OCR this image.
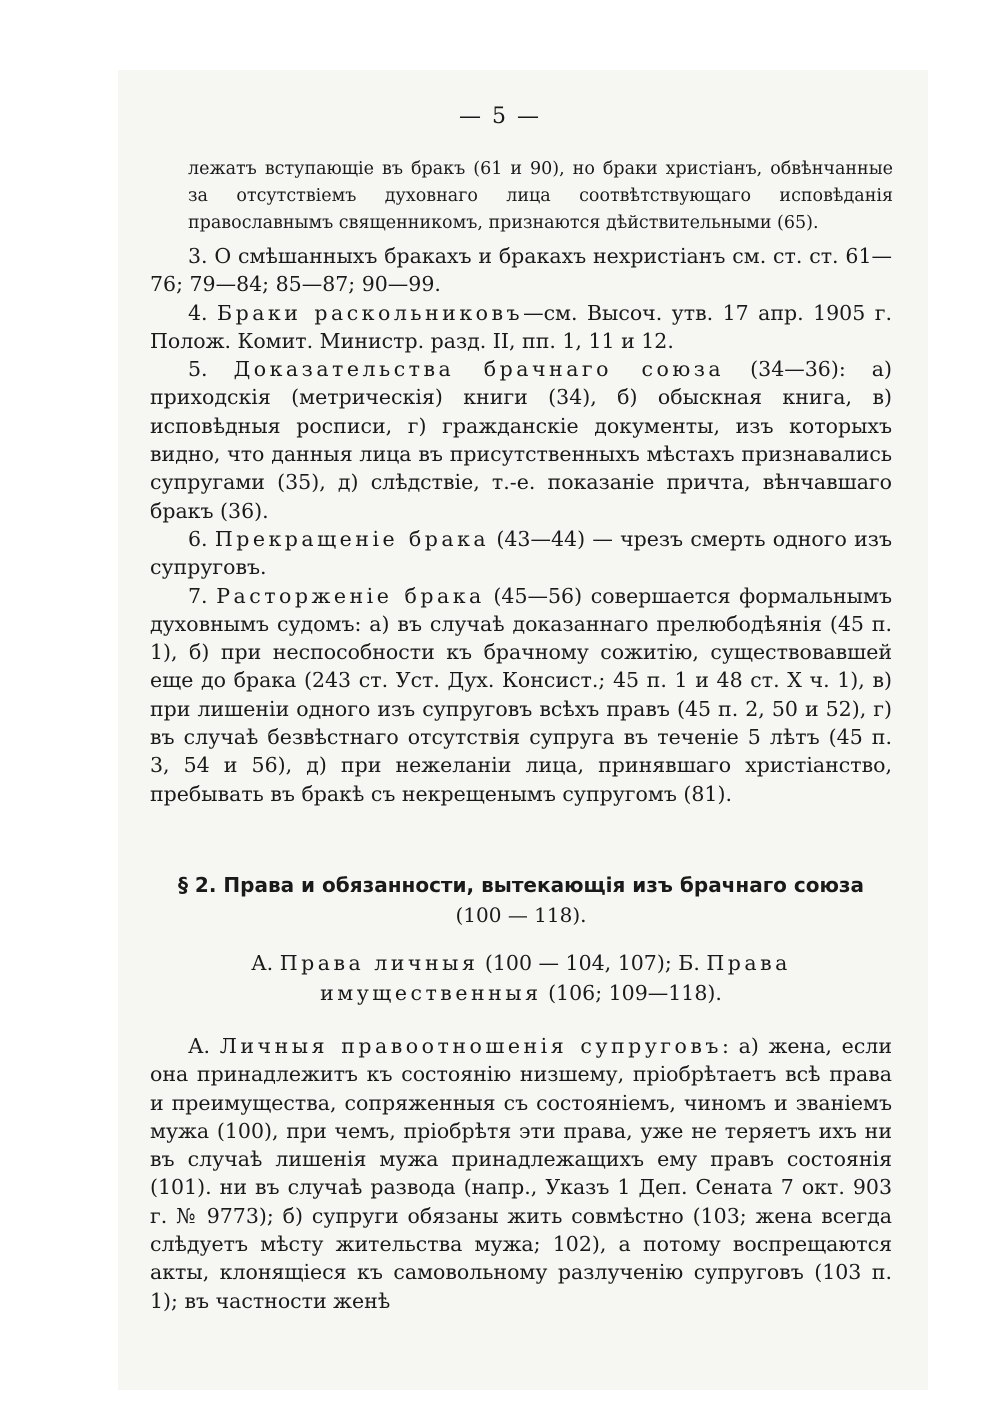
— 5 —

лежатъ вступающіе въ бракъ (61 и 90), но браки христіанъ, обвѣнчанные за отсутствіемъ духовнаго лица соотвѣтствующаго исповѣданія православнымъ священникомъ, признаются дѣйствительными (65).

3. О смѣшанныхъ бракахъ и бракахъ нехристіанъ см. ст. ст. 61—76; 79—84; 85—87; 90—99.

4. Браки раскольниковъ—см. Высоч. утв. 17 апр. 1905 г. Полож. Комит. Министр. разд. II, пп. 1, 11 и 12.

5. Доказательства брачнаго союза (34—36): а) приходскія (метрическія) книги (34), б) обыскная книга, в) исповѣдныя росписи, г) гражданскіе документы, изъ которыхъ видно, что данныя лица въ присутственныхъ мѣстахъ признавались супругами (35), д) слѣдствіе, т.-е. показаніе причта, вѣнчавшаго бракъ (36).

6. Прекращеніе брака (43—44) — чрезъ смерть одного изъ супруговъ.

7. Расторженіе брака (45—56) совершается формальнымъ духовнымъ судомъ: а) въ случаѣ доказаннаго прелюбодѣянія (45 п. 1), б) при неспособности къ брачному сожитію, существовавшей еще до брака (243 ст. Уст. Дух. Консист.; 45 п. 1 и 48 ст. X ч. 1), в) при лишеніи одного изъ супруговъ всѣхъ правъ (45 п. 2, 50 и 52), г) въ случаѣ безвѣстнаго отсутствія супруга въ теченіе 5 лѣтъ (45 п. 3, 54 и 56), д) при нежеланіи лица, принявшаго христіанство, пребывать въ бракѣ съ некрещенымъ супругомъ (81).

§ 2. Права и обязанности, вытекающія изъ брачнаго союза
(100 — 118).
А. Права личныя (100 — 104, 107); Б. Права имущественныя (106; 109—118).

А. Личныя правоотношенія супруговъ: а) жена, если она принадлежитъ къ состоянію низшему, пріобрѣтаетъ всѣ права и преимущества, сопряженныя съ состояніемъ, чиномъ и званіемъ мужа (100), при чемъ, пріобрѣтя эти права, уже не теряетъ ихъ ни въ случаѣ лишенія мужа принадлежащихъ ему правъ состоянія (101). ни въ случаѣ развода (напр., Указъ 1 Деп. Сената 7 окт. 903 г. № 9773); б) супруги обязаны жить совмѣстно (103; жена всегда слѣдуетъ мѣсту жительства мужа; 102), а потому воспрещаются акты, клонящіеся къ самовольному разлученію супруговъ (103 п. 1); въ частности женѣ
